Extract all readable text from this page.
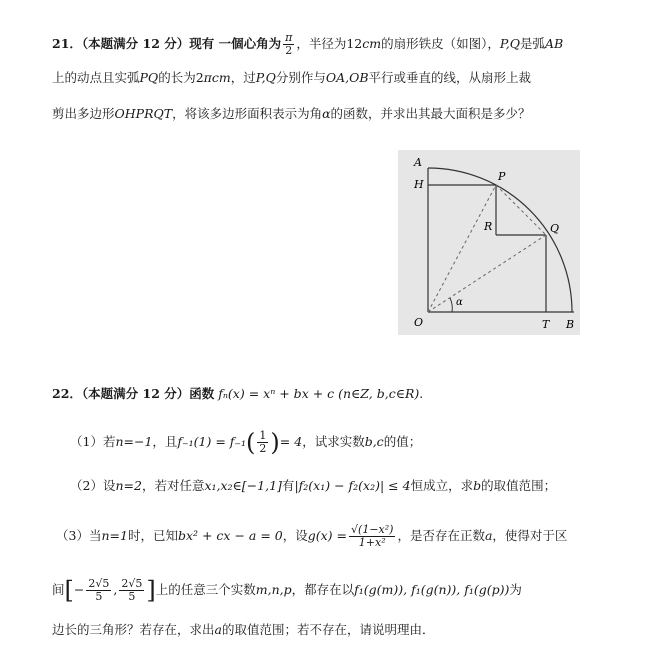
21．（本题满分 12 分）现有 一個心角为 $\frac{\pi}{2}$ ，半径为12cm的扇形铁皮（如图），P,Q是弧AB
上的动点且实弧PQ的长为2πcm，过P,Q分别作与OA,OB平行或垂直的线，从扇形上裁
剪出多边形OHPRQT，将该多边形面积表示为角α的函数，并求出其最大面积是多少？
A
H
P
R	Q
O	T B
α
22．（本题满分 12 分）函数 fₙ(x) = xⁿ + bx + c (n∈Z, b,c∈R).
（1）若n=−1，且$f_{-1}(1) = f_{-1}( \frac{1}{2}$ )= 4，试求实数b,c的值；
（2）设n=2，若对任意x₁,x₂∈[−1,1]有|f₂(x₁) − f₂(x₂)| ≤ 4恒成立，求b的取值范围；
（3）当n=1时，已知bx² + cx − a = 0，设$g(x) = \frac{\text{√(1−x²)}}{\text{1+x²}}$ ，是否存在正数a，使得对于区
间[− $\frac{2√5}{5}$ , $\frac{2√5}{5}$ ]上的任意三个实数m,n,p，都存在以f₁(g(m)), f₁(g(n)), f₁(g(p))为
边长的三角形？若存在，求出a的取值范围；若不存在，请说明理由．
